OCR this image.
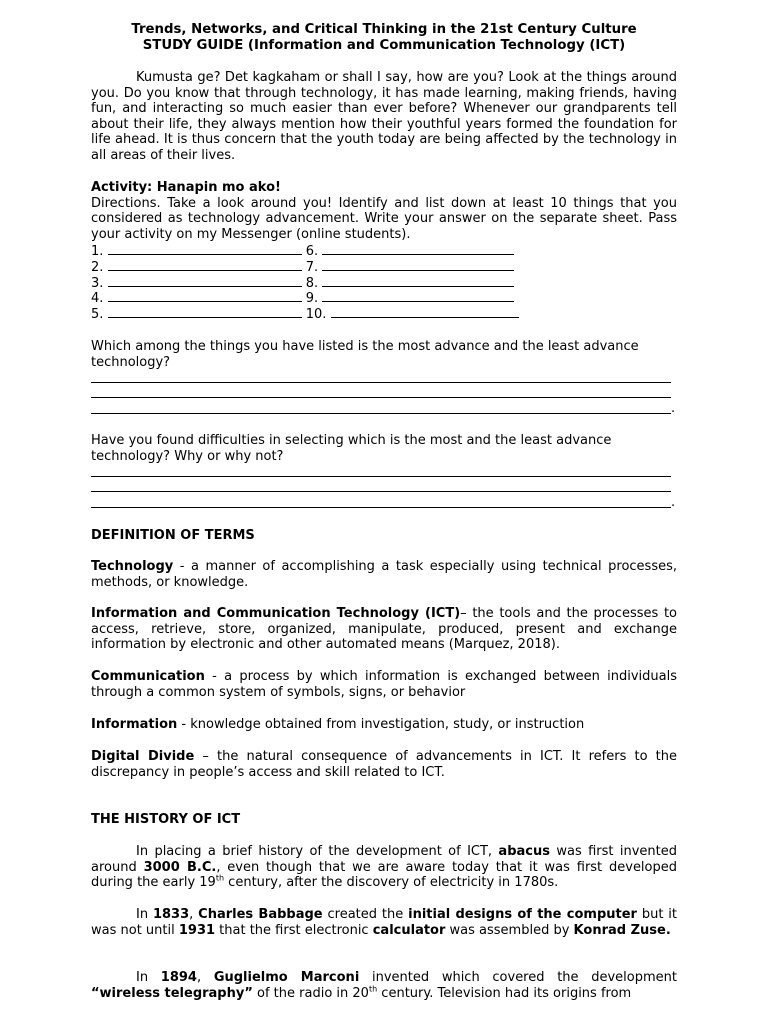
Trends, Networks, and Critical Thinking in the 21st Century Culture

STUDY GUIDE (Information and Communication Technology (ICT)

Kumusta ge? Det kagkaham or shall I say, how are you? Look at the things around you. Do you know that through technology, it has made learning, making friends, having fun, and interacting so much easier than ever before? Whenever our grandparents tell about their life, they always mention how their youthful years formed the foundation for life ahead. It is thus concern that the youth today are being affected by the technology in all areas of their lives.

Activity: Hanapin mo ako!

Directions. Take a look around you! Identify and list down at least 10 things that you considered as technology advancement. Write your answer on the separate sheet. Pass your activity on my Messenger (online students).

1.	6.
2.	7.
3.	8.
4.	9.
5.	10.

Which among the things you have listed is the most advance and the least advance technology?

.

Have you found difficulties in selecting which is the most and the least advance technology? Why or why not?

.

DEFINITION OF TERMS

Technology - a manner of accomplishing a task especially using technical processes, methods, or knowledge.

Information and Communication Technology (ICT)– the tools and the processes to access, retrieve, store, organized, manipulate, produced, present and exchange information by electronic and other automated means (Marquez, 2018).

Communication - a process by which information is exchanged between individuals through a common system of symbols, signs, or behavior

Information - knowledge obtained from investigation, study, or instruction

Digital Divide – the natural consequence of advancements in ICT. It refers to the discrepancy in people’s access and skill related to ICT.

THE HISTORY OF ICT

In placing a brief history of the development of ICT, abacus was first invented around 3000 B.C., even though that we are aware today that it was first developed during the early 19th century, after the discovery of electricity in 1780s.

In 1833, Charles Babbage created the initial designs of the computer but it was not until 1931 that the first electronic calculator was assembled by Konrad Zuse.

In 1894, Guglielmo Marconi invented which covered the development “wireless telegraphy” of the radio in 20th century. Television had its origins from
